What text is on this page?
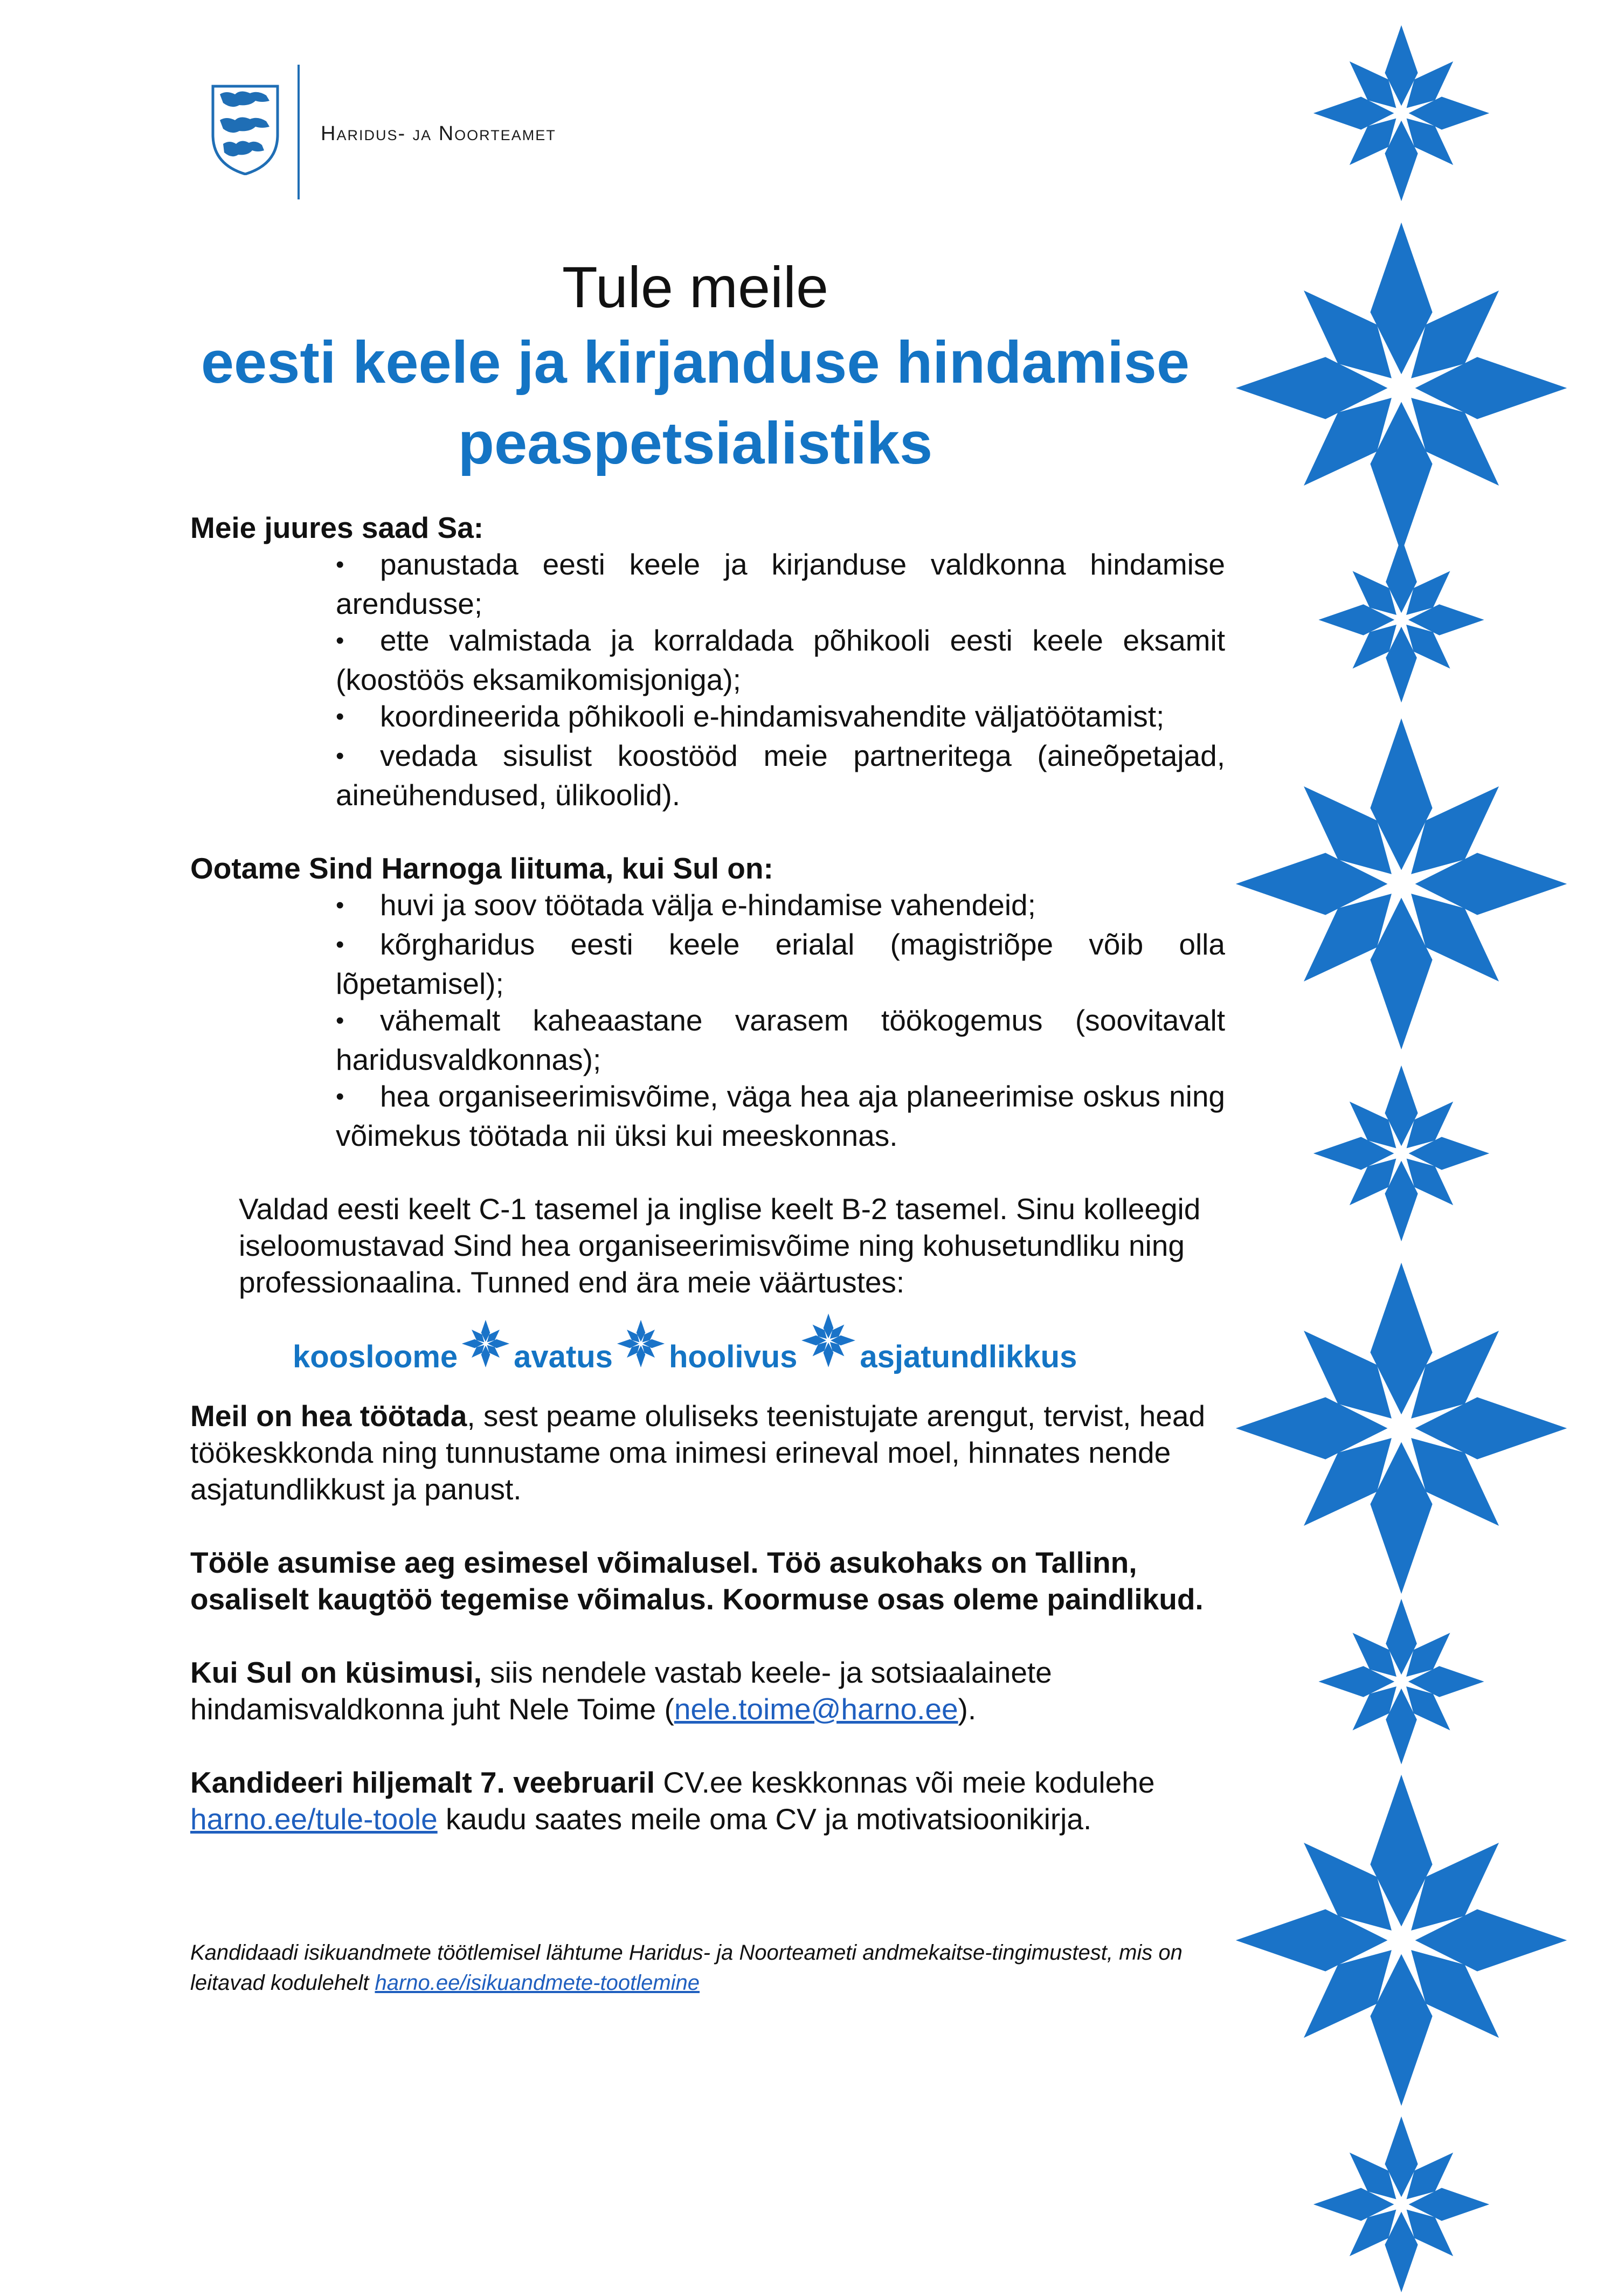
Haridus- ja Noorteamet
Tule meile
eesti keele ja kirjanduse hindamise
peaspetsialistiks

Meie juures saad Sa:

•panustada eesti keele ja kirjanduse valdkonna hindamise arendusse;
•ette valmistada ja korraldada põhikooli eesti keele eksamit (koostöös eksamikomisjoniga);
•koordineerida põhikooli e-hindamisvahendite väljatöötamist;
•vedada sisulist koostööd meie partneritega (aineõpetajad, aineühendused, ülikoolid).

Ootame Sind Harnoga liituma, kui Sul on:

•huvi ja soov töötada välja e-hindamise vahendeid;
•kõrgharidus eesti keele erialal (magistriõpe võib olla lõpetamisel);
•vähemalt kaheaastane varasem töökogemus (soovitavalt haridusvaldkonnas);
•hea organiseerimisvõime, väga hea aja planeerimise oskus ning võimekus töötada nii üksi kui meeskonnas.

Valdad eesti keelt C-1 tasemel ja inglise keelt B-2 tasemel. Sinu kolleegid iseloomustavad Sind hea organiseerimisvõime ning kohusetundliku ning professionaalina. Tunned end ära meie väärtustes:

koosloome avatus hoolivus asjatundlikkus

Meil on hea töötada, sest peame oluliseks teenistujate arengut, tervist, head töökeskkonda ning tunnustame oma inimesi erineval moel, hinnates nende asjatundlikkust ja panust.

Tööle asumise aeg esimesel võimalusel. Töö asukohaks on Tallinn, osaliselt kaugtöö tegemise võimalus. Koormuse osas oleme paindlikud.

Kui Sul on küsimusi, siis nendele vastab keele- ja sotsiaalainete hindamisvaldkonna juht Nele Toime (nele.toime@harno.ee).

Kandideeri hiljemalt 7. veebruaril CV.ee keskkonnas või meie kodulehe harno.ee/tule-toole kaudu saates meile oma CV ja motivatsioonikirja.

Kandidaadi isikuandmete töötlemisel lähtume Haridus- ja Noorteameti andmekaitse-tingimustest, mis on leitavad kodulehelt harno.ee/isikuandmete-tootlemine
